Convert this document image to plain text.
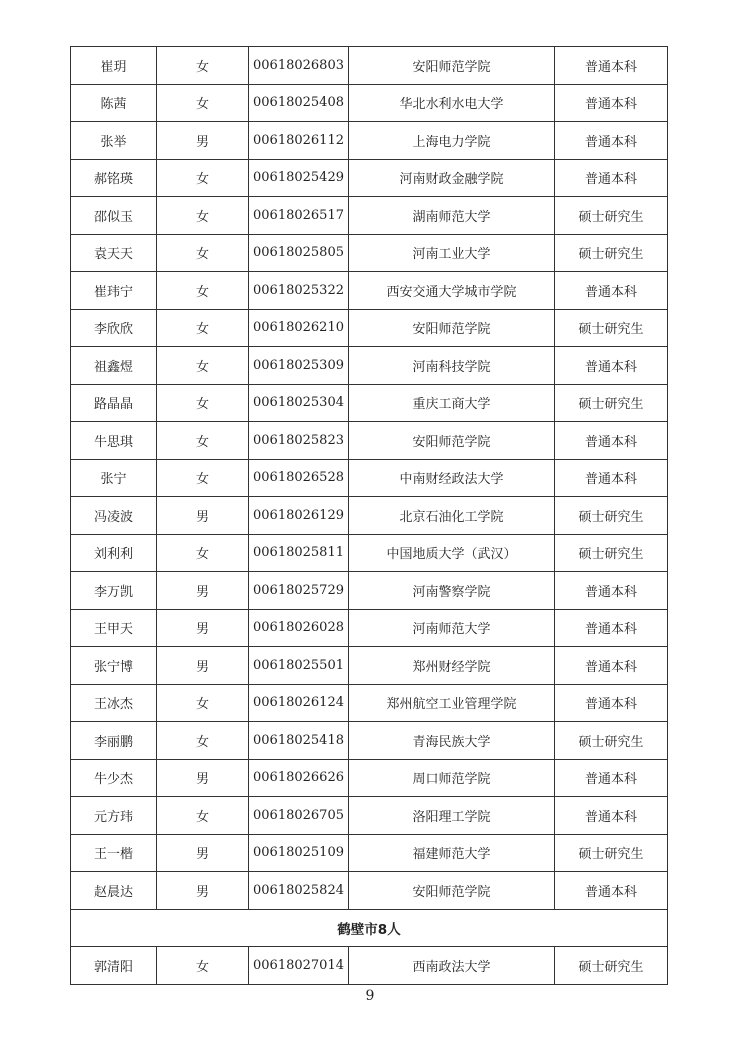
崔玥	女	00618026803	安阳师范学院	普通本科
陈茜	女	00618025408	华北水利水电大学	普通本科
张举	男	00618026112	上海电力学院	普通本科
郝铭瑛	女	00618025429	河南财政金融学院	普通本科
邵似玉	女	00618026517	湖南师范大学	硕士研究生
袁天天	女	00618025805	河南工业大学	硕士研究生
崔玮宁	女	00618025322	西安交通大学城市学院	普通本科
李欣欣	女	00618026210	安阳师范学院	硕士研究生
祖鑫煜	女	00618025309	河南科技学院	普通本科
路晶晶	女	00618025304	重庆工商大学	硕士研究生
牛思琪	女	00618025823	安阳师范学院	普通本科
张宁	女	00618026528	中南财经政法大学	普通本科
冯凌波	男	00618026129	北京石油化工学院	硕士研究生
刘利利	女	00618025811	中国地质大学（武汉）	硕士研究生
李万凯	男	00618025729	河南警察学院	普通本科
王甲天	男	00618026028	河南师范大学	普通本科
张宁博	男	00618025501	郑州财经学院	普通本科
王冰杰	女	00618026124	郑州航空工业管理学院	普通本科
李丽鹏	女	00618025418	青海民族大学	硕士研究生
牛少杰	男	00618026626	周口师范学院	普通本科
元方玮	女	00618026705	洛阳理工学院	普通本科
王一楷	男	00618025109	福建师范大学	硕士研究生
赵晨达	男	00618025824	安阳师范学院	普通本科
鹤壁市8人				
郭清阳	女	00618027014	西南政法大学	硕士研究生
9
